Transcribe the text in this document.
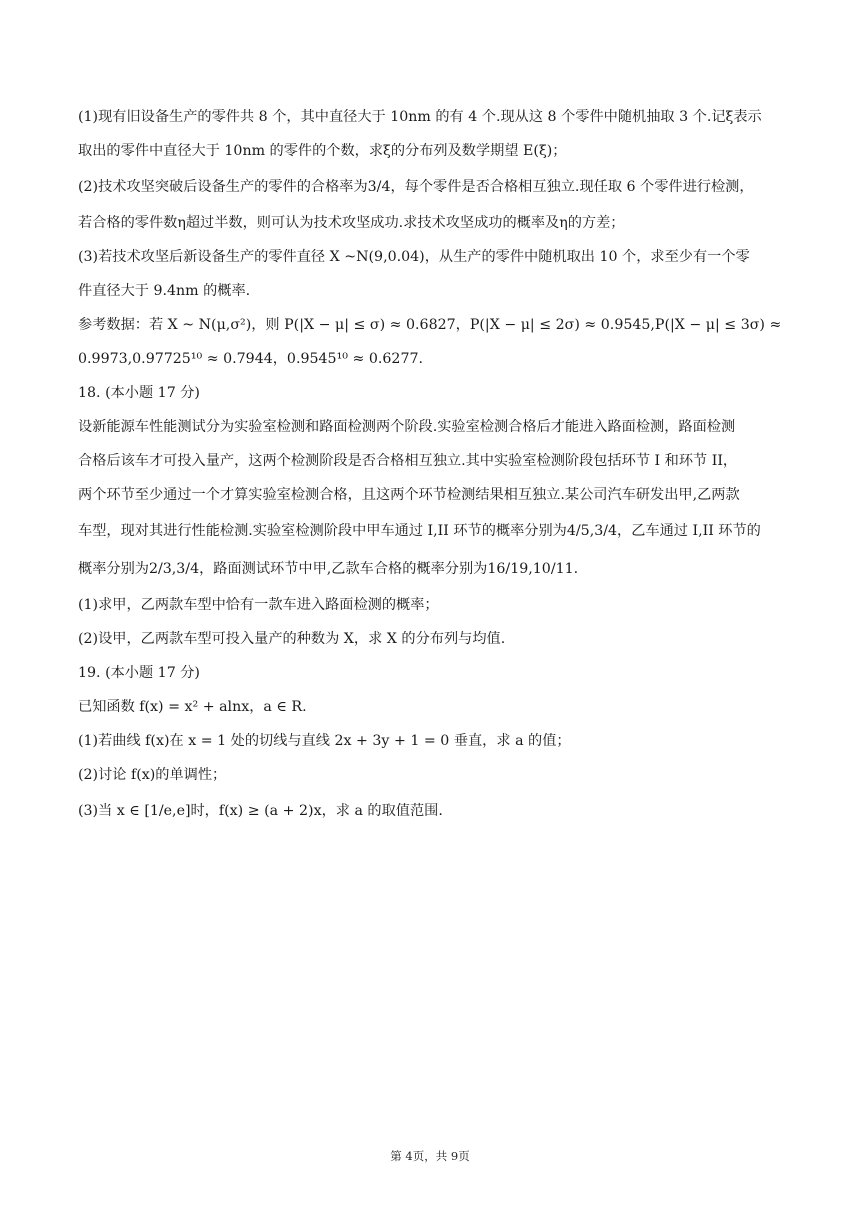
(1)现有旧设备生产的零件共 8 个，其中直径大于 10nm 的有 4 个.现从这 8 个零件中随机抽取 3 个.记ξ表示
取出的零件中直径大于 10nm 的零件的个数，求ξ的分布列及数学期望 E(ξ)；
(2)技术攻坚突破后设备生产的零件的合格率为3/4，每个零件是否合格相互独立.现任取 6 个零件进行检测，
若合格的零件数η超过半数，则可认为技术攻坚成功.求技术攻坚成功的概率及η的方差；
(3)若技术攻坚后新设备生产的零件直径 X ~N(9,0.04)，从生产的零件中随机取出 10 个，求至少有一个零
件直径大于 9.4nm 的概率.
参考数据：若 X ~ N(μ,σ²)，则 P(|X − μ| ≤ σ) ≈ 0.6827，P(|X − μ| ≤ 2σ) ≈ 0.9545,P(|X − μ| ≤ 3σ) ≈
0.9973,0.97725¹⁰ ≈ 0.7944，0.9545¹⁰ ≈ 0.6277.
18. (本小题 17 分)
设新能源车性能测试分为实验室检测和路面检测两个阶段.实验室检测合格后才能进入路面检测，路面检测
合格后该车才可投入量产，这两个检测阶段是否合格相互独立.其中实验室检测阶段包括环节 I 和环节 II，
两个环节至少通过一个才算实验室检测合格，且这两个环节检测结果相互独立.某公司汽车研发出甲,乙两款
车型，现对其进行性能检测.实验室检测阶段中甲车通过 I,II 环节的概率分别为4/5,3/4，乙车通过 I,II 环节的
概率分别为2/3,3/4，路面测试环节中甲,乙款车合格的概率分别为16/19,10/11.
(1)求甲，乙两款车型中恰有一款车进入路面检测的概率；
(2)设甲，乙两款车型可投入量产的种数为 X，求 X 的分布列与均值.
19. (本小题 17 分)
已知函数 f(x) = x² + alnx，a ∈ R.
(1)若曲线 f(x)在 x = 1 处的切线与直线 2x + 3y + 1 = 0 垂直，求 a 的值；
(2)讨论 f(x)的单调性；
(3)当 x ∈ [1/e,e]时，f(x) ≥ (a + 2)x，求 a 的取值范围.
第 4页，共 9页
